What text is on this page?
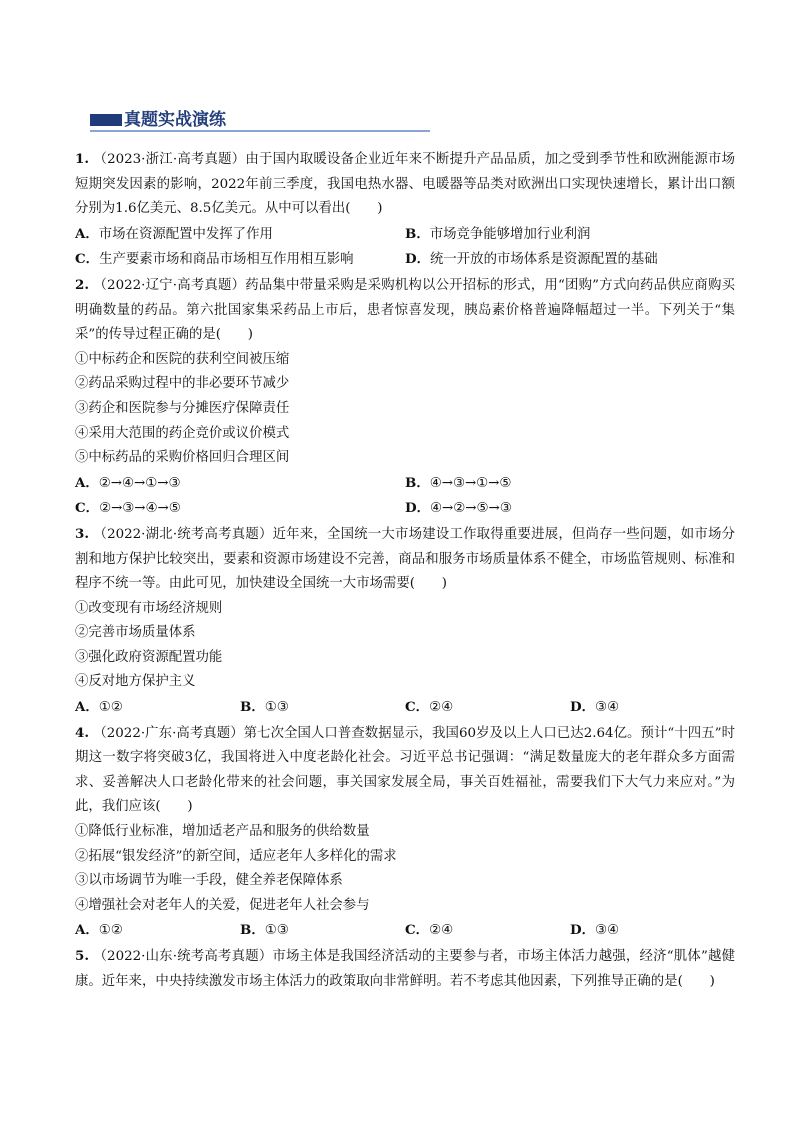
真题实战演练
1. （2023·浙江·高考真题）由于国内取暖设备企业近年来不断提升产品品质，加之受到季节性和欧洲能源市场短期突发因素的影响，2022年前三季度，我国电热水器、电暖器等品类对欧洲出口实现快速增长，累计出口额分别为1.6亿美元、8.5亿美元。从中可以看出(　　)
A．市场在资源配置中发挥了作用	B．市场竞争能够增加行业利润
C．生产要素市场和商品市场相互作用相互影响	D．统一开放的市场体系是资源配置的基础
2. （2022·辽宁·高考真题）药品集中带量采购是采购机构以公开招标的形式，用“团购”方式向药品供应商购买明确数量的药品。第六批国家集采药品上市后，患者惊喜发现，胰岛素价格普遍降幅超过一半。下列关于“集采”的传导过程正确的是(　　)
①中标药企和医院的获利空间被压缩
②药品采购过程中的非必要环节减少
③药企和医院参与分摊医疗保障责任
④采用大范围的药企竞价或议价模式
⑤中标药品的采购价格回归合理区间
A．②→④→①→③	B．④→③→①→⑤
C．②→③→④→⑤	D．④→②→⑤→③
3. （2022·湖北·统考高考真题）近年来，全国统一大市场建设工作取得重要进展，但尚存一些问题，如市场分割和地方保护比较突出，要素和资源市场建设不完善，商品和服务市场质量体系不健全，市场监管规则、标准和程序不统一等。由此可见，加快建设全国统一大市场需要(　　)
①改变现有市场经济规则
②完善市场质量体系
③强化政府资源配置功能
④反对地方保护主义
A．①②	B．①③	C．②④	D．③④
4. （2022·广东·高考真题）第七次全国人口普查数据显示，我国60岁及以上人口已达2.64亿。预计“十四五”时期这一数字将突破3亿，我国将进入中度老龄化社会。习近平总书记强调：“满足数量庞大的老年群众多方面需求、妥善解决人口老龄化带来的社会问题，事关国家发展全局，事关百姓福祉，需要我们下大气力来应对。”为此，我们应该(　　)
①降低行业标准，增加适老产品和服务的供给数量
②拓展“银发经济”的新空间，适应老年人多样化的需求
③以市场调节为唯一手段，健全养老保障体系
④增强社会对老年人的关爱，促进老年人社会参与
A．①②	B．①③	C．②④	D．③④
5. （2022·山东·统考高考真题）市场主体是我国经济活动的主要参与者，市场主体活力越强，经济“肌体”越健康。近年来，中央持续激发市场主体活力的政策取向非常鲜明。若不考虑其他因素，下列推导正确的是(　　)
